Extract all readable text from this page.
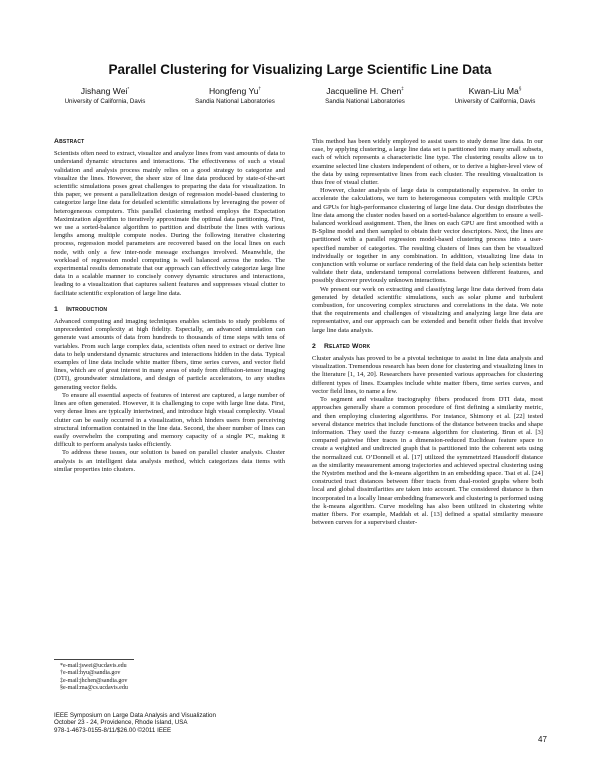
Parallel Clustering for Visualizing Large Scientific Line Data
Jishang Wei*
University of California, Davis
Hongfeng Yu†
Sandia National Laboratories
Jacqueline H. Chen‡
Sandia National Laboratories
Kwan-Liu Ma§
University of California, Davis
Abstract

Scientists often need to extract, visualize and analyze lines from vast amounts of data to understand dynamic structures and interactions. The effectiveness of such a visual validation and analysis process mainly relies on a good strategy to categorize and visualize the lines. However, the sheer size of line data produced by state-of-the-art scientific simulations poses great challenges to preparing the data for visualization. In this paper, we present a parallelization design of regression model-based clustering to categorize large line data for detailed scientific simulations by leveraging the power of heterogeneous computers. This parallel clustering method employs the Expectation Maximization algorithm to iteratively approximate the optimal data partitioning. First, we use a sorted-balance algorithm to partition and distribute the lines with various lengths among multiple compute nodes. During the following iterative clustering process, regression model parameters are recovered based on the local lines on each node, with only a few inter-node message exchanges involved. Meanwhile, the workload of regression model computing is well balanced across the nodes. The experimental results demonstrate that our approach can effectively categorize large line data in a scalable manner to concisely convey dynamic structures and interactions, leading to a visualization that captures salient features and suppresses visual clutter to facilitate scientific exploration of large line data.

1 Introduction

Advanced computing and imaging techniques enables scientists to study problems of unprecedented complexity at high fidelity. Especially, an advanced simulation can generate vast amounts of data from hundreds to thousands of time steps with tens of variables. From such large complex data, scientists often need to extract or derive line data to help understand dynamic structures and interactions hidden in the data. Typical examples of line data include white matter fibers, time series curves, and vector field lines, which are of great interest in many areas of study from diffusion-tensor imaging (DTI), groundwater simulations, and design of particle accelerators, to any studies generating vector fields.

To ensure all essential aspects of features of interest are captured, a large number of lines are often generated. However, it is challenging to cope with large line data. First, very dense lines are typically intertwined, and introduce high visual complexity. Visual clutter can be easily occurred in a visualization, which hinders users from perceiving structural information contained in the line data. Second, the sheer number of lines can easily overwhelm the computing and memory capacity of a single PC, making it difficult to perform analysis tasks efficiently.

To address these issues, our solution is based on parallel cluster analysis. Cluster analysis is an intelligent data analysis method, which categorizes data items with similar properties into clusters.

*e-mail:jswei@ucdavis.edu
†e-mail:hyu@sandia.gov
‡e-mail:jhchen@sandia.gov
§e-mail:ma@cs.ucdavis.edu
IEEE Symposium on Large Data Analysis and Visualization
October 23 - 24, Providence, Rhode Island, USA
978-1-4673-0155-8/11/$26.00 ©2011 IEEE

This method has been widely employed to assist users to study dense line data. In our case, by applying clustering, a large line data set is partitioned into many small subsets, each of which represents a characteristic line type. The clustering results allow us to examine selected line clusters independent of others, or to derive a higher-level view of the data by using representative lines from each cluster. The resulting visualization is thus free of visual clutter.

However, cluster analysis of large data is computationally expensive. In order to accelerate the calculations, we turn to heterogeneous computers with multiple CPUs and GPUs for high-performance clustering of large line data. Our design distributes the line data among the cluster nodes based on a sorted-balance algorithm to ensure a well-balanced workload assignment. Then, the lines on each GPU are first smoothed with a B-Spline model and then sampled to obtain their vector descriptors. Next, the lines are partitioned with a parallel regression model-based clustering process into a user-specified number of categories. The resulting clusters of lines can then be visualized individually or together in any combination. In addition, visualizing line data in conjunction with volume or surface rendering of the field data can help scientists better validate their data, understand temporal correlations between different features, and possibly discover previously unknown interactions.

We present our work on extracting and classifying large line data derived from data generated by detailed scientific simulations, such as solar plume and turbulent combustion, for uncovering complex structures and correlations in the data. We note that the requirements and challenges of visualizing and analyzing large line data are representative, and our approach can be extended and benefit other fields that involve large line data analysis.

2 Related Work

Cluster analysis has proved to be a pivotal technique to assist in line data analysis and visualization. Tremendous research has been done for clustering and visualizing lines in the literature [1, 14, 20]. Researchers have presented various approaches for clustering different types of lines. Examples include white matter fibers, time series curves, and vector field lines, to name a few.

To segment and visualize tractography fibers produced from DTI data, most approaches generally share a common procedure of first defining a similarity metric, and then employing clustering algorithms. For instance, Shimony et al. [22] tested several distance metrics that include functions of the distance between tracks and shape information. They used the fuzzy c-means algorithm for clustering. Brun et al. [3] compared pairwise fiber traces in a dimension-reduced Euclidean feature space to create a weighted and undirected graph that is partitioned into the coherent sets using the normalized cut. O’Donnell et al. [17] utilized the symmetrized Hausdorff distance as the similarity measurement among trajectories and achieved spectral clustering using the Nyström method and the k-means algorithm in an embedding space. Tsai et al. [24] constructed tract distances between fiber tracts from dual-rooted graphs where both local and global dissimilarities are taken into account. The considered distance is then incorporated in a locally linear embedding framework and clustering is performed using the k-means algorithm. Curve modeling has also been utilized in clustering white matter fibers. For example, Maddah et al. [13] defined a spatial similarity measure between curves for a supervised cluster-

47
